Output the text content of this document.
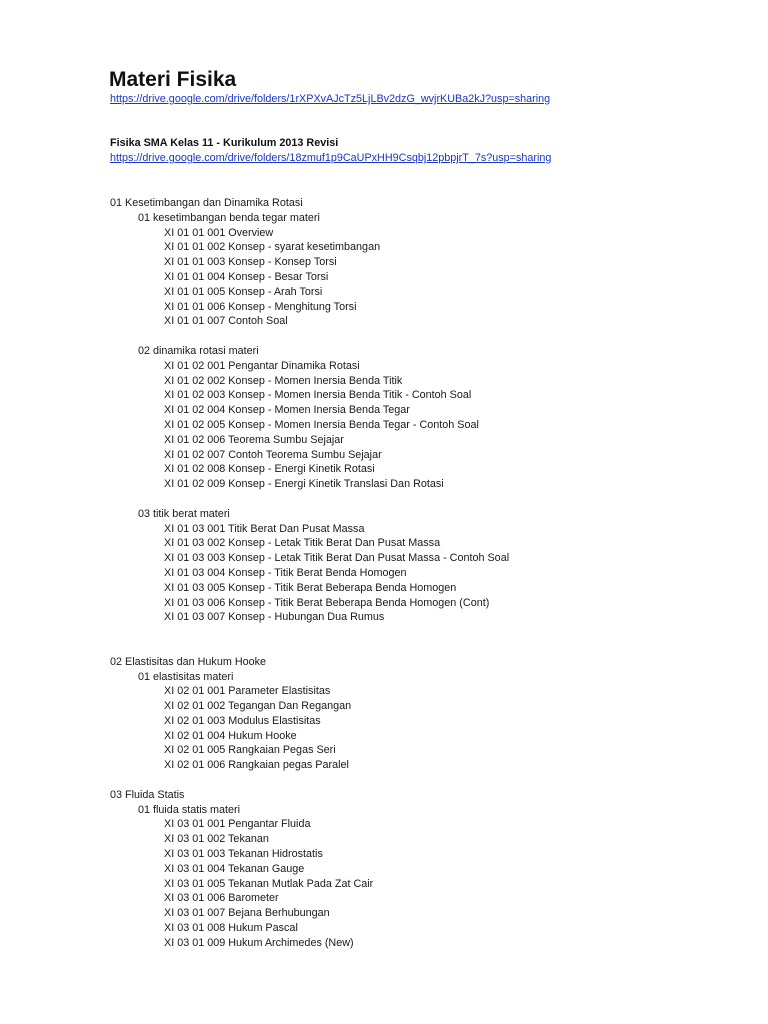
Materi Fisika
https://drive.google.com/drive/folders/1rXPXvAJcTz5LjLBv2dzG_wvjrKUBa2kJ?usp=sharing
Fisika SMA Kelas 11 - Kurikulum 2013 Revisi
https://drive.google.com/drive/folders/18zmuf1p9CaUPxHH9Csqbj12pbpjrT_7s?usp=sharing
01 Kesetimbangan dan Dinamika Rotasi
01 kesetimbangan benda tegar materi
XI 01 01 001 Overview
XI 01 01 002 Konsep - syarat kesetimbangan
XI 01 01 003 Konsep - Konsep Torsi
XI 01 01 004 Konsep - Besar Torsi
XI 01 01 005 Konsep - Arah Torsi
XI 01 01 006 Konsep - Menghitung Torsi
XI 01 01 007 Contoh Soal
02 dinamika rotasi materi
XI 01 02 001 Pengantar Dinamika Rotasi
XI 01 02 002 Konsep - Momen Inersia Benda Titik
XI 01 02 003 Konsep - Momen Inersia Benda Titik - Contoh Soal
XI 01 02 004 Konsep - Momen Inersia Benda Tegar
XI 01 02 005 Konsep - Momen Inersia Benda Tegar - Contoh Soal
XI 01 02 006 Teorema Sumbu Sejajar
XI 01 02 007 Contoh Teorema Sumbu Sejajar
XI 01 02 008 Konsep - Energi Kinetik Rotasi
XI 01 02 009 Konsep - Energi Kinetik Translasi Dan Rotasi
03 titik berat materi
XI 01 03 001 Titik Berat Dan Pusat Massa
XI 01 03 002 Konsep - Letak Titik Berat Dan Pusat Massa
XI 01 03 003 Konsep - Letak Titik Berat Dan Pusat Massa - Contoh Soal
XI 01 03 004 Konsep - Titik Berat Benda Homogen
XI 01 03 005 Konsep - Titik Berat Beberapa Benda Homogen
XI 01 03 006 Konsep - Titik Berat Beberapa Benda Homogen (Cont)
XI 01 03 007 Konsep - Hubungan Dua Rumus
02 Elastisitas dan Hukum Hooke
01 elastisitas materi
XI 02 01 001 Parameter Elastisitas
XI 02 01 002 Tegangan Dan Regangan
XI 02 01 003 Modulus Elastisitas
XI 02 01 004 Hukum Hooke
XI 02 01 005 Rangkaian Pegas Seri
XI 02 01 006 Rangkaian pegas Paralel
03 Fluida Statis
01 fluida statis materi
XI 03 01 001 Pengantar Fluida
XI 03 01 002 Tekanan
XI 03 01 003 Tekanan Hidrostatis
XI 03 01 004 Tekanan Gauge
XI 03 01 005 Tekanan Mutlak Pada Zat Cair
XI 03 01 006 Barometer
XI 03 01 007 Bejana Berhubungan
XI 03 01 008 Hukum Pascal
XI 03 01 009 Hukum Archimedes (New)
